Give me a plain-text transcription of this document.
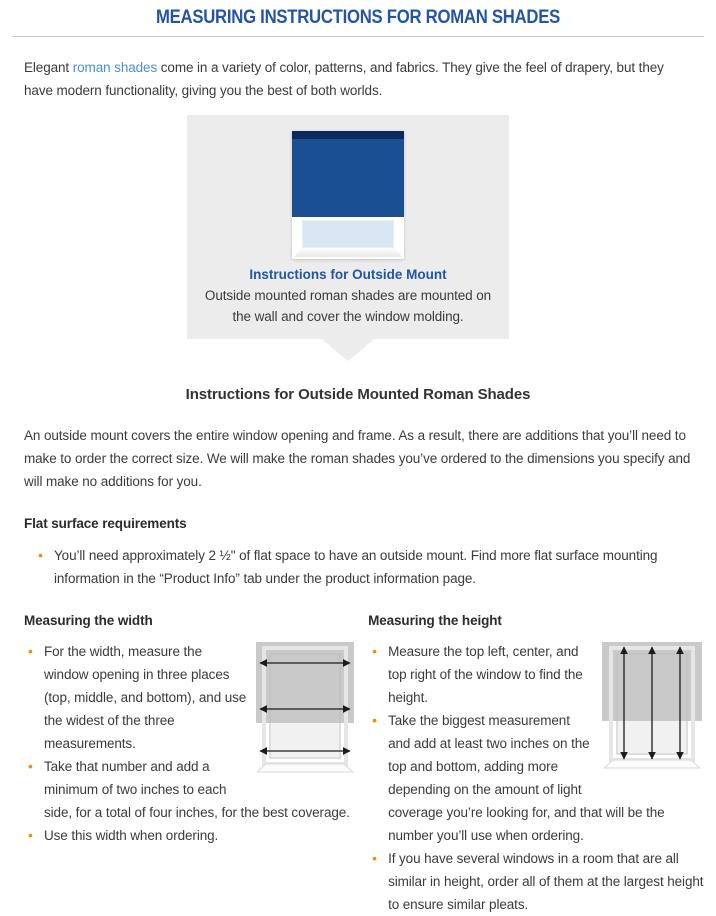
MEASURING INSTRUCTIONS FOR ROMAN SHADES

Elegant roman shades come in a variety of color, patterns, and fabrics. They give the feel of drapery, but they have modern functionality, giving you the best of both worlds.

Instructions for Outside Mount

Outside mounted roman shades are mounted on the wall and cover the window molding.

Instructions for Outside Mounted Roman Shades

An outside mount covers the entire window opening and frame. As a result, there are additions that you’ll need to make to order the correct size. We will make the roman shades you’ve ordered to the dimensions you specify and will make no additions for you.

Flat surface requirements
• You’ll need approximately 2 ½" of flat space to have an outside mount. Find more flat surface mounting information in the “Product Info” tab under the product information page.
Measuring the width
• For the width, measure the window opening in three places (top, middle, and bottom), and use the widest of the three measurements.
• Take that number and add a minimum of two inches to each side, for a total of four inches, for the best coverage.
• Use this width when ordering.
Measuring the height
• Measure the top left, center, and top right of the window to find the height.
• Take the biggest measurement and add at least two inches on the top and bottom, adding more depending on the amount of light coverage you’re looking for, and that will be the number you’ll use when ordering.
• If you have several windows in a room that are all similar in height, order all of them at the largest height to ensure similar pleats.
